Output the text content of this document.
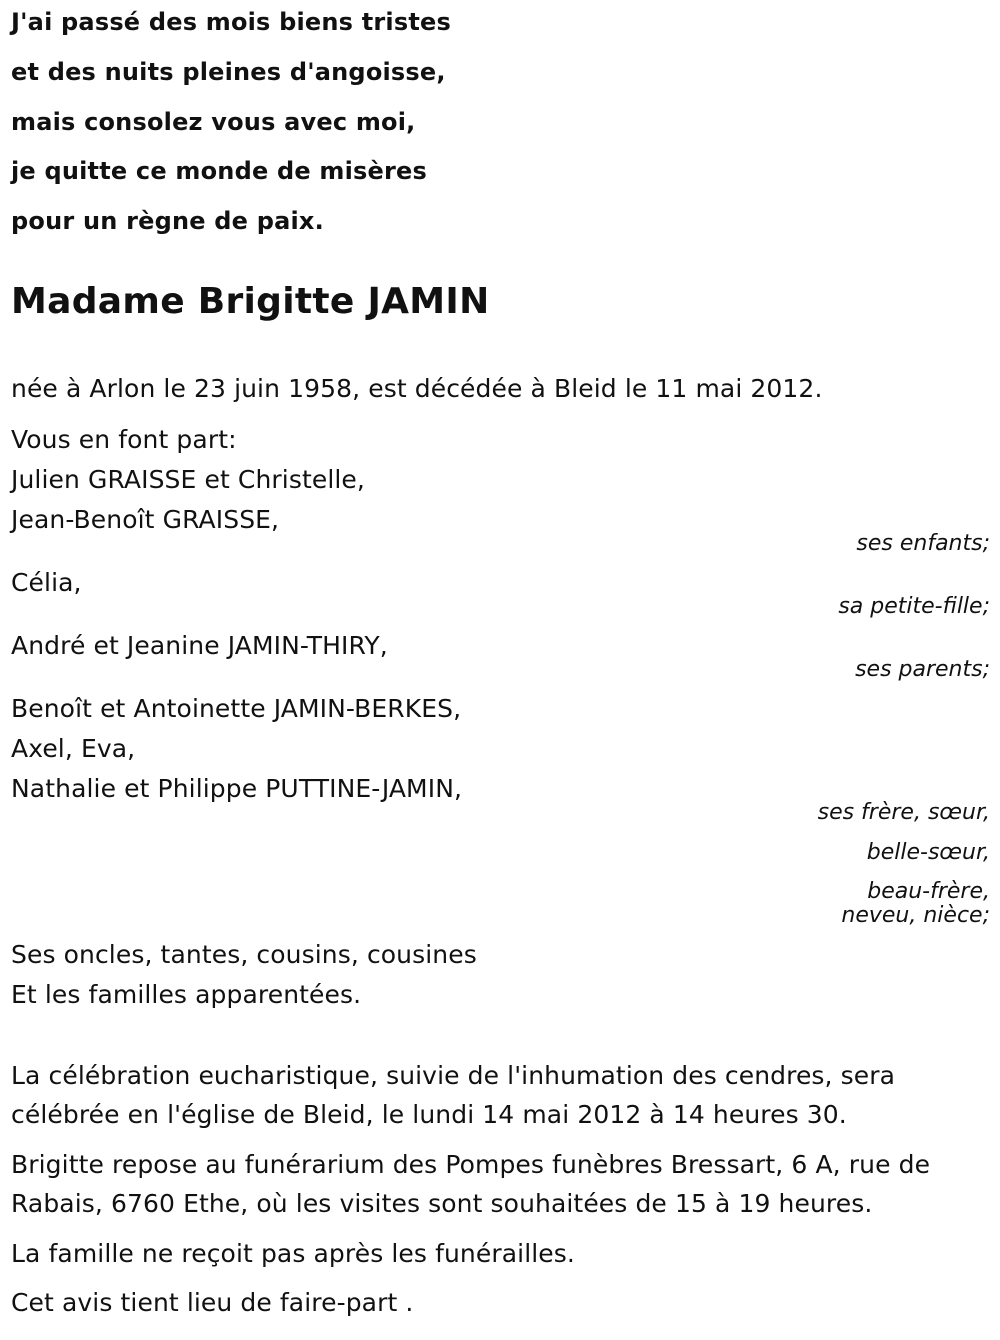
J'ai passé des mois biens tristes
et des nuits pleines d'angoisse,
mais consolez vous avec moi,
je quitte ce monde de misères
pour un règne de paix.
Madame Brigitte JAMIN
née à Arlon le 23 juin 1958, est décédée à Bleid le 11 mai 2012.
Vous en font part:
Julien GRAISSE et Christelle,
Jean-Benoît GRAISSE,
ses enfants;
Célia,
sa petite-fille;
André et Jeanine JAMIN-THIRY,
ses parents;
Benoît et Antoinette JAMIN-BERKES,
Axel, Eva,
Nathalie et Philippe PUTTINE-JAMIN,
ses frère, sœur,
belle-sœur,
beau-frère,
neveu, nièce;
Ses oncles, tantes, cousins, cousines
Et les familles apparentées.
La célébration eucharistique, suivie de l'inhumation des cendres, sera
célébrée en l'église de Bleid, le lundi 14 mai 2012 à 14 heures 30.
Brigitte repose au funérarium des Pompes funèbres Bressart, 6 A, rue de
Rabais, 6760 Ethe, où les visites sont souhaitées de 15 à 19 heures.
La famille ne reçoit pas après les funérailles.
Cet avis tient lieu de faire-part .
